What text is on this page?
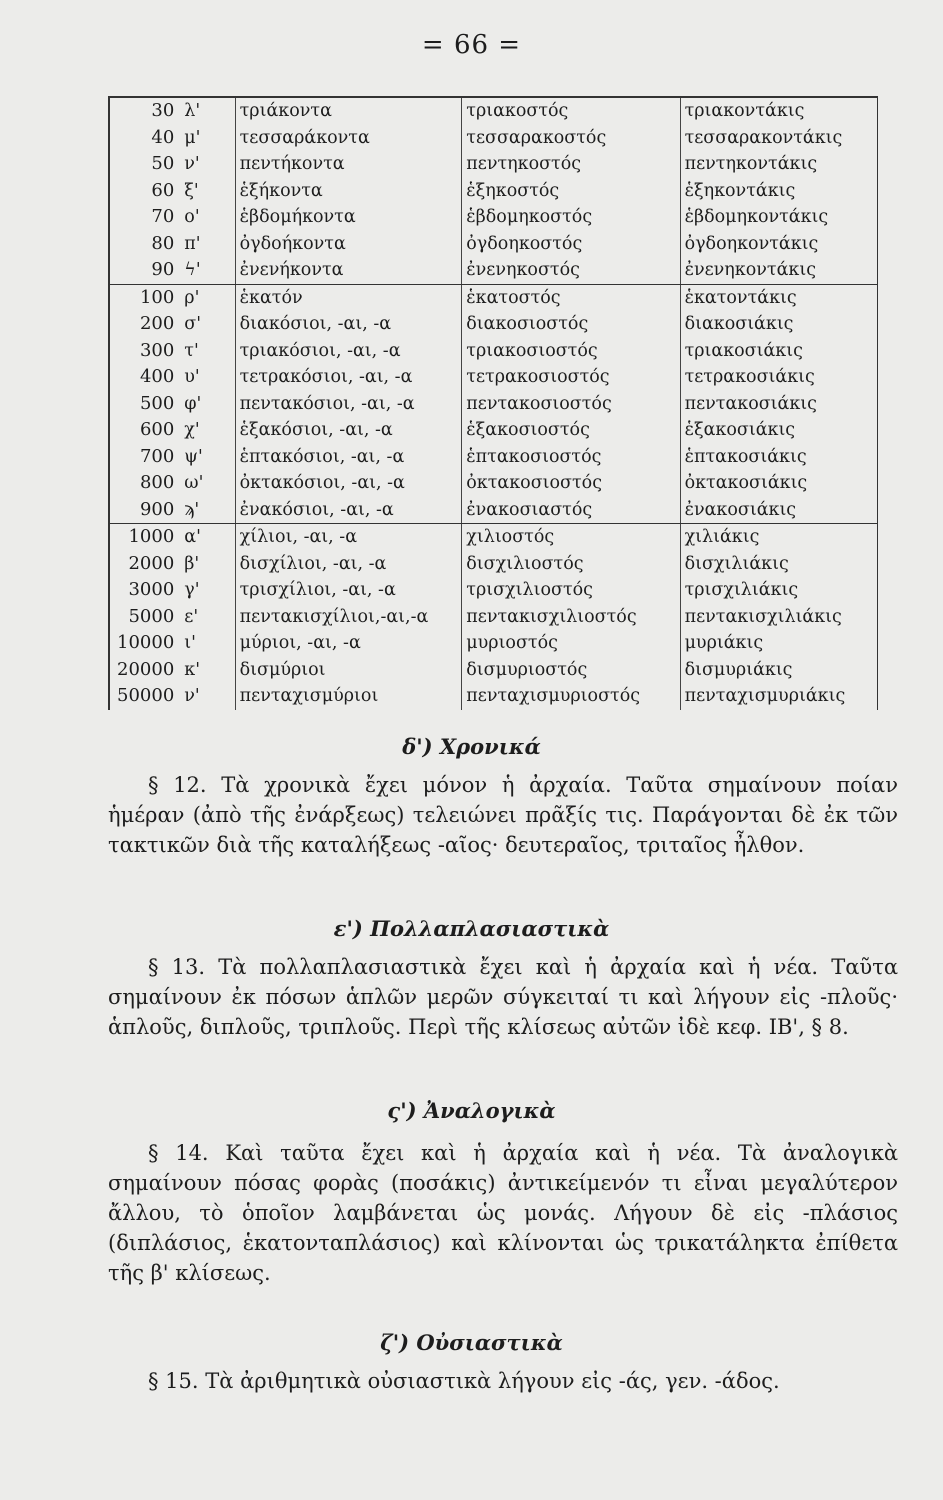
= 66 =
30	λ'	τριάκοντα	τριακοστός	τριακοντάκις
40	μ'	τεσσαράκοντα	τεσσαρακοστός	τεσσαρακοντάκις
50	ν'	πεντήκοντα	πεντηκοστός	πεντηκοντάκις
60	ξ'	ἑξήκοντα	ἑξηκοστός	ἑξηκοντάκις
70	ο'	ἑβδομήκοντα	ἑβδομηκοστός	ἑβδομηκοντάκις
80	π'	ὀγδοήκοντα	ὀγδοηκοστός	ὀγδοηκοντάκις
90	ϟ'	ἐνενήκοντα	ἐνενηκοστός	ἐνενηκοντάκις
100	ρ'	ἑκατόν	ἑκατοστός	ἑκατοντάκις
200	σ'	διακόσιοι, -αι, -α	διακοσιοστός	διακοσιάκις
300	τ'	τριακόσιοι, -αι, -α	τριακοσιοστός	τριακοσιάκις
400	υ'	τετρακόσιοι, -αι, -α	τετρακοσιοστός	τετρακοσιάκις
500	φ'	πεντακόσιοι, -αι, -α	πεντακοσιοστός	πεντακοσιάκις
600	χ'	ἑξακόσιοι, -αι, -α	ἑξακοσιοστός	ἑξακοσιάκις
700	ψ'	ἑπτακόσιοι, -αι, -α	ἑπτακοσιοστός	ἑπτακοσιάκις
800	ω'	ὀκτακόσιοι, -αι, -α	ὀκτακοσιοστός	ὀκτακοσιάκις
900	ϡ'	ἐνακόσιοι, -αι, -α	ἐνακοσιαστός	ἐνακοσιάκις
1000	α'	χίλιοι, -αι, -α	χιλιοστός	χιλιάκις
2000	β'	δισχίλιοι, -αι, -α	δισχιλιοστός	δισχιλιάκις
3000	γ'	τρισχίλιοι, -αι, -α	τρισχιλιοστός	τρισχιλιάκις
5000	ε'	πεντακισχίλιοι,-αι,-α	πεντακισχιλιοστός	πεντακισχιλιάκις
10000	ι'	μύριοι, -αι, -α	μυριοστός	μυριάκις
20000	κ'	δισμύριοι	δισμυριοστός	δισμυριάκις
50000	ν'	πενταχισμύριοι	πενταχισμυριοστός	πενταχισμυριάκις
δ') Χρονικά

§ 12. Τὰ χρονικὰ ἔχει μόνον ἡ ἀρχαία. Ταῦτα σημαίνουν ποίαν ἡμέραν (ἀπὸ τῆς ἐνάρξεως) τελειώνει πρᾶξίς τις. Παράγονται δὲ ἐκ τῶν τακτικῶν διὰ τῆς καταλήξεως -αῖος· δευτεραῖος, τριταῖος ἦλθον.

ε') Πολλαπλασιαστικὰ

§ 13. Τὰ πολλαπλασιαστικὰ ἔχει καὶ ἡ ἀρχαία καὶ ἡ νέα. Ταῦτα σημαίνουν ἐκ πόσων ἁπλῶν μερῶν σύγκειταί τι καὶ λήγουν εἰς -πλοῦς· ἁπλοῦς, διπλοῦς, τριπλοῦς. Περὶ τῆς κλίσεως αὐτῶν ἰδὲ κεφ. ΙΒ', § 8.

ς') Ἀναλογικὰ

§ 14. Καὶ ταῦτα ἔχει καὶ ἡ ἀρχαία καὶ ἡ νέα. Τὰ ἀναλογικὰ σημαίνουν πόσας φορὰς (ποσάκις) ἀντικείμενόν τι εἶναι μεγαλύτερον ἄλλου, τὸ ὁποῖον λαμβάνεται ὡς μονάς. Λήγουν δὲ εἰς -πλάσιος (διπλάσιος, ἑκατονταπλάσιος) καὶ κλίνονται ὡς τρικατάληκτα ἐπίθετα τῆς β' κλίσεως.

ζ') Οὐσιαστικὰ

§ 15. Τὰ ἀριθμητικὰ οὐσιαστικὰ λήγουν εἰς -άς, γεν. -άδος.
